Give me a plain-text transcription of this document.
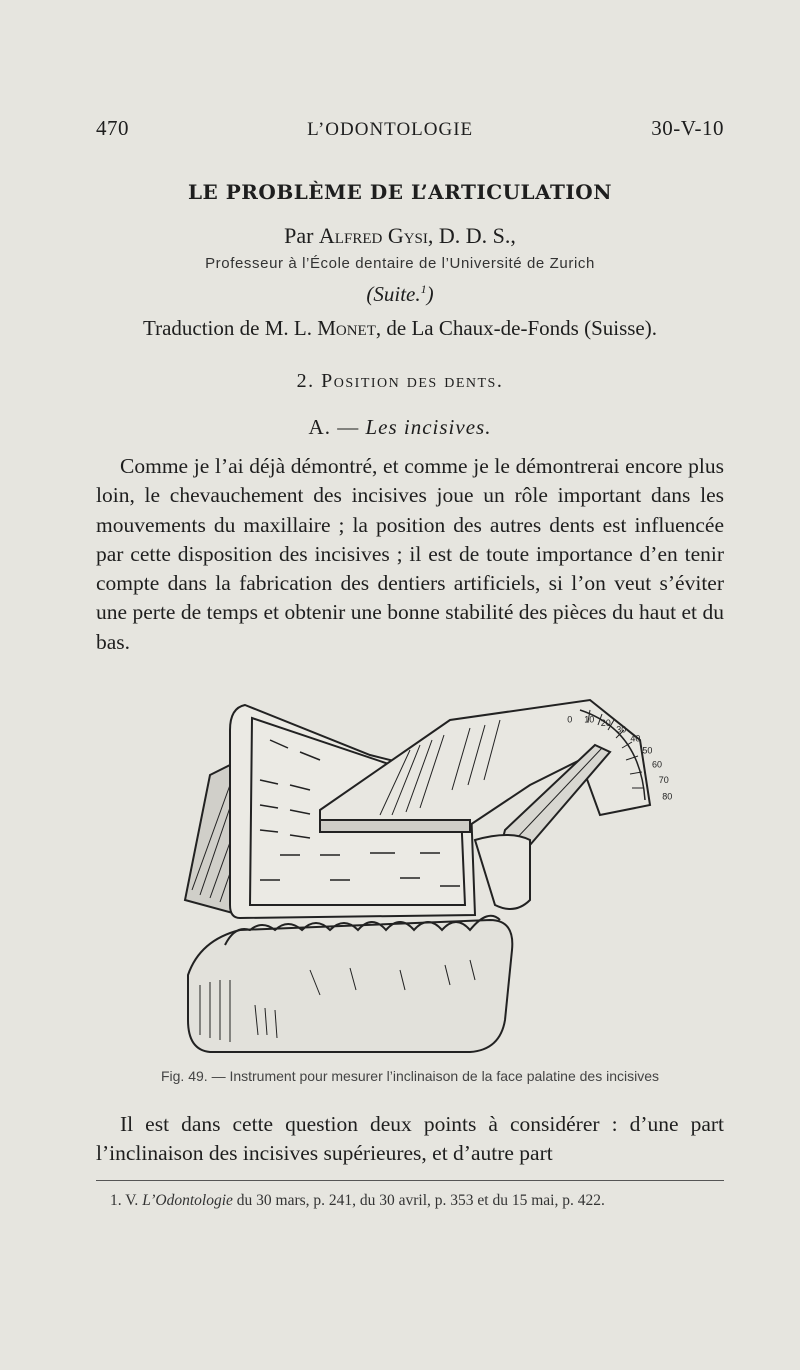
470	L’ODONTOLOGIE	30-V-10
LE PROBLÈME DE L’ARTICULATION
Par Alfred Gysi, D. D. S.,
Professeur à l’École dentaire de l’Université de Zurich
(Suite.$^1$)
Traduction de M. L. Monet, de La Chaux-de-Fonds (Suisse).
2. Position des dents.
A. — Les incisives.

Comme je l’ai déjà démontré, et comme je le démontrerai encore plus loin, le chevauchement des incisives joue un rôle important dans les mouvements du maxillaire ; la position des autres dents est influencée par cette disposition des incisives ; il est de toute importance d’en tenir compte dans la fabrication des dentiers artificiels, si l’on veut s’éviter une perte de temps et obtenir une bonne stabilité des pièces du haut et du bas.

0 10 20
30
40
50
60
70
80
Fig. 49. — Instrument pour mesurer l’inclinaison de la face palatine des incisives

Il est dans cette question deux points à considérer : d’une part l’inclinaison des incisives supérieures, et d’autre part

1. V. L’Odontologie du 30 mars, p. 241, du 30 avril, p. 353 et du 15 mai, p. 422.
